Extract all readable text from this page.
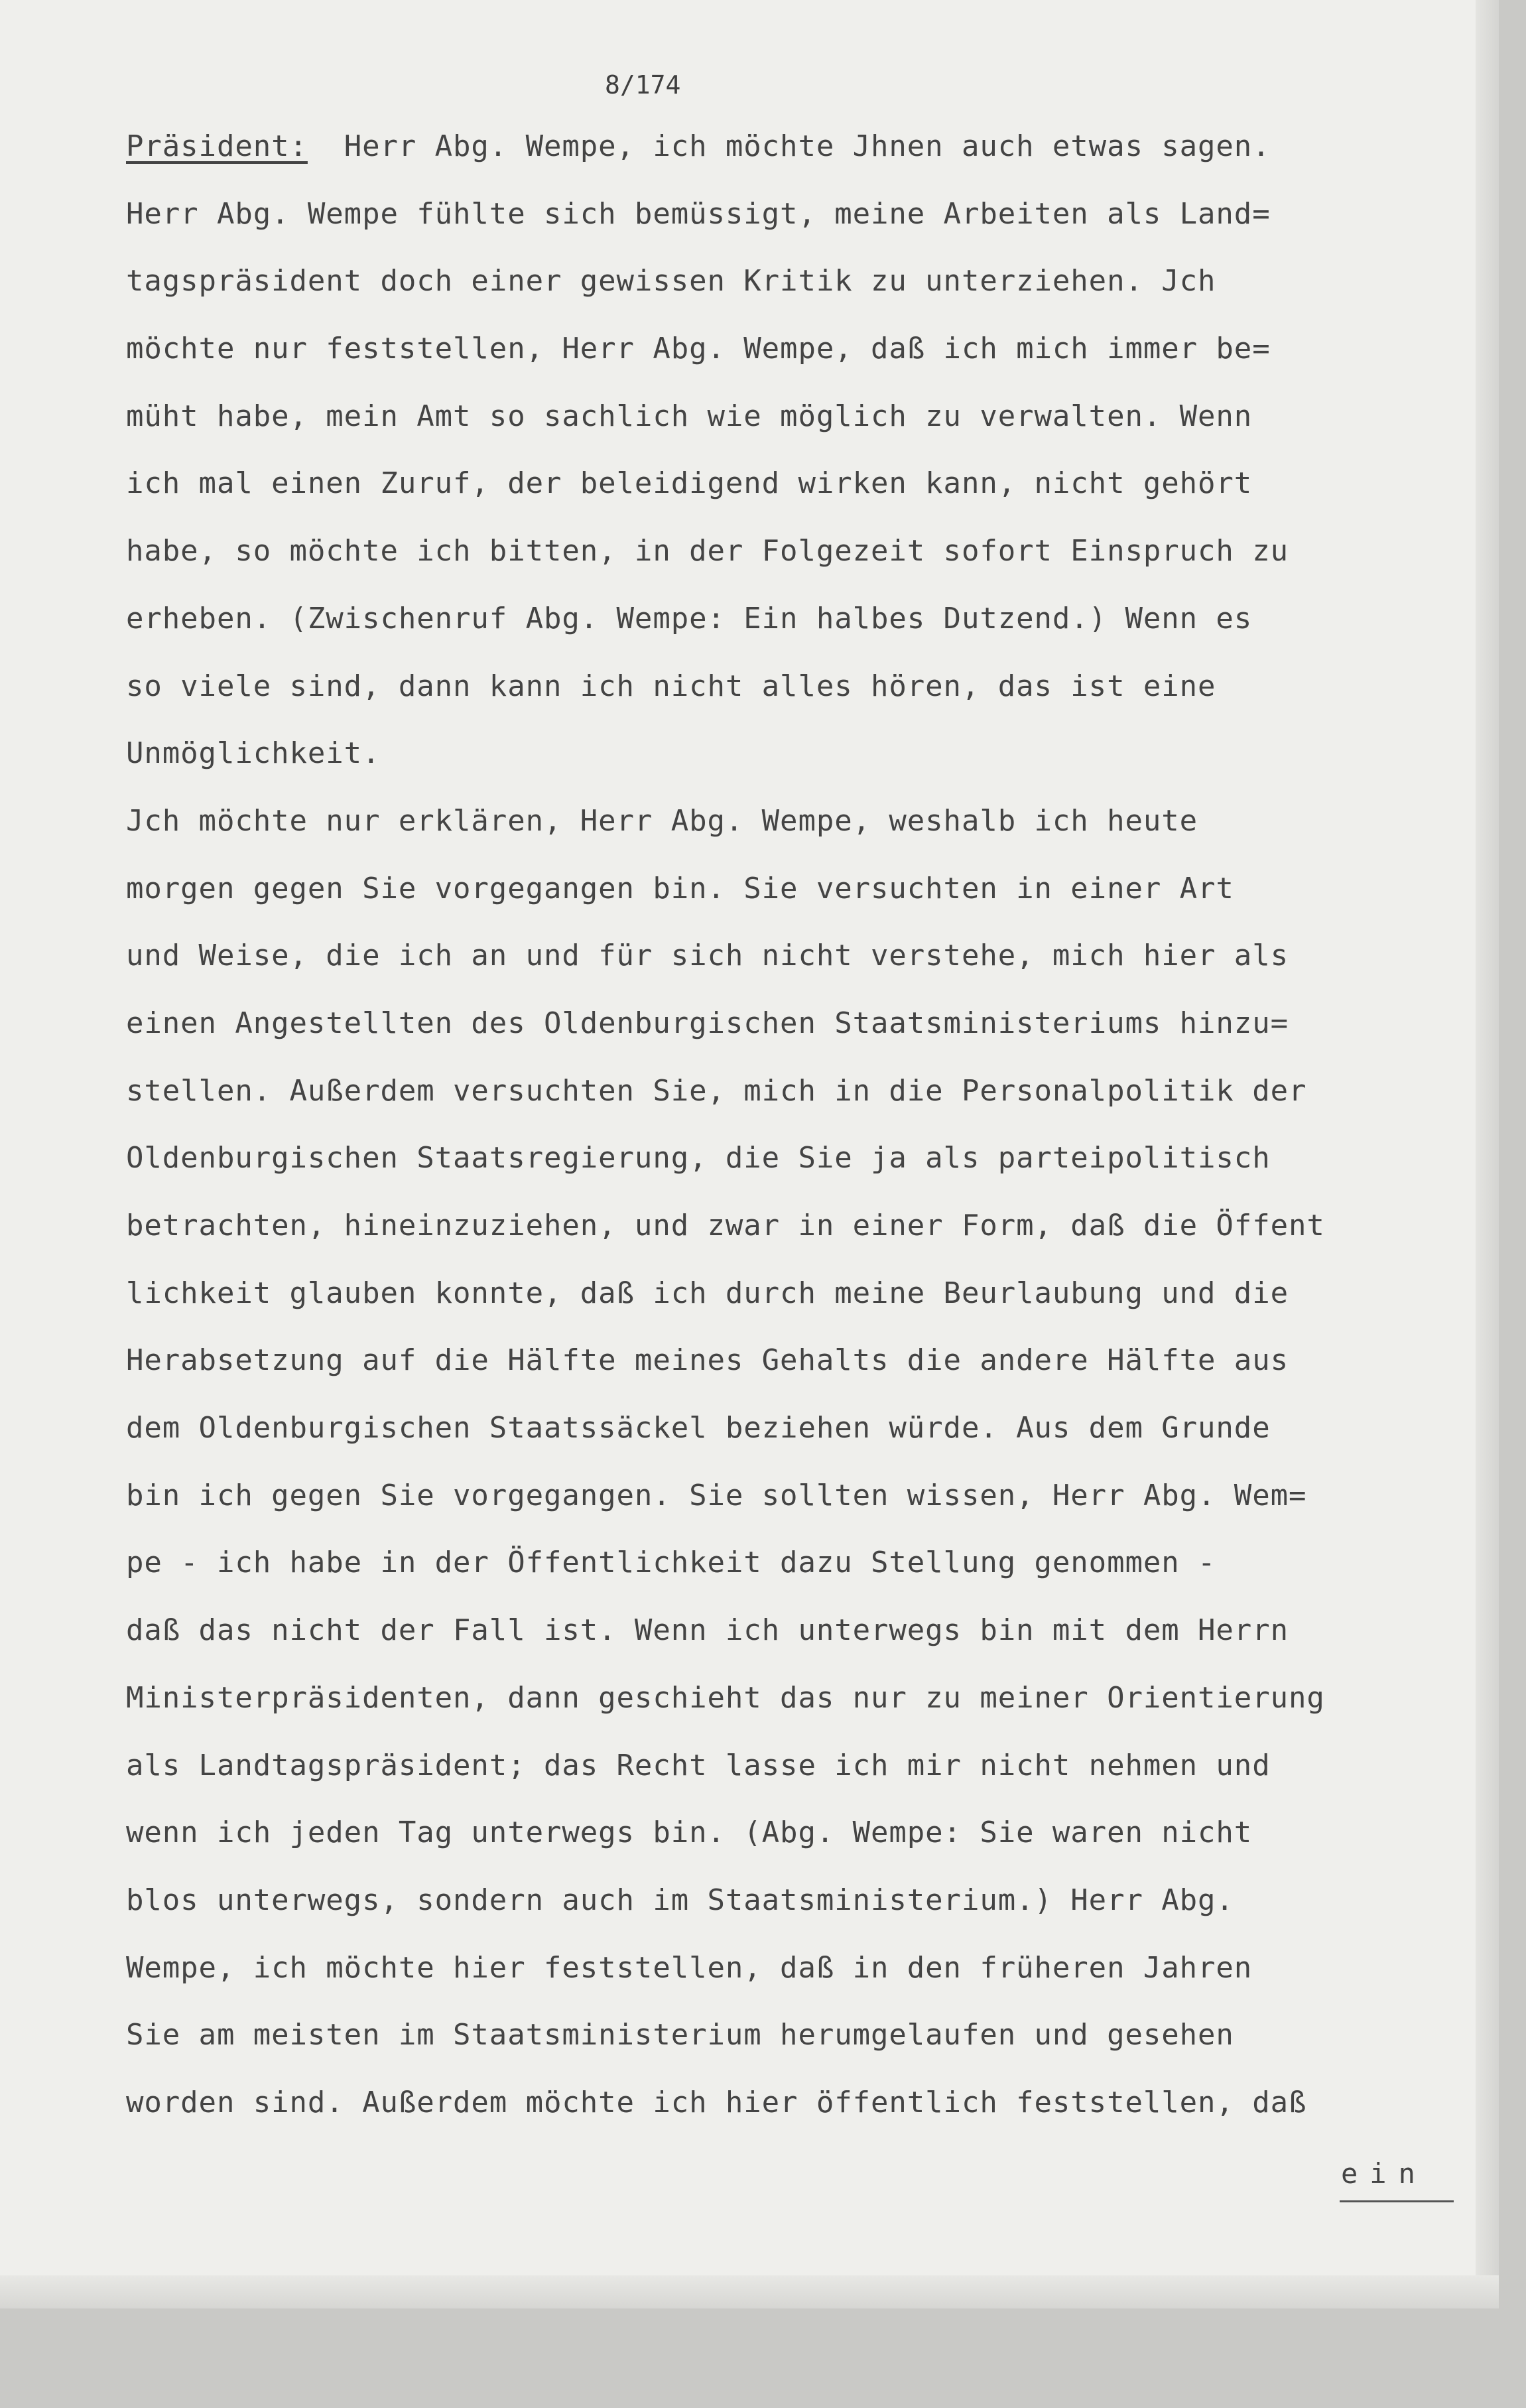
8/174
Präsident: Herr Abg. Wempe, ich möchte Jhnen auch etwas sagen.
Herr Abg. Wempe fühlte sich bemüssigt, meine Arbeiten als Land=
tagspräsident doch einer gewissen Kritik zu unterziehen. Jch
möchte nur feststellen, Herr Abg. Wempe, daß ich mich immer be=
müht habe, mein Amt so sachlich wie möglich zu verwalten. Wenn
ich mal einen Zuruf, der beleidigend wirken kann, nicht gehört
habe, so möchte ich bitten, in der Folgezeit sofort Einspruch zu
erheben. (Zwischenruf Abg. Wempe: Ein halbes Dutzend.) Wenn es
so viele sind, dann kann ich nicht alles hören, das ist eine
Unmöglichkeit.
Jch möchte nur erklären, Herr Abg. Wempe, weshalb ich heute
morgen gegen Sie vorgegangen bin. Sie versuchten in einer Art
und Weise, die ich an und für sich nicht verstehe, mich hier als
einen Angestellten des Oldenburgischen Staatsministeriums hinzu=
stellen. Außerdem versuchten Sie, mich in die Personalpolitik der
Oldenburgischen Staatsregierung, die Sie ja als parteipolitisch
betrachten, hineinzuziehen, und zwar in einer Form, daß die Öffent
lichkeit glauben konnte, daß ich durch meine Beurlaubung und die
Herabsetzung auf die Hälfte meines Gehalts die andere Hälfte aus
dem Oldenburgischen Staatssäckel beziehen würde. Aus dem Grunde
bin ich gegen Sie vorgegangen. Sie sollten wissen, Herr Abg. Wem=
pe - ich habe in der Öffentlichkeit dazu Stellung genommen -
daß das nicht der Fall ist. Wenn ich unterwegs bin mit dem Herrn
Ministerpräsidenten, dann geschieht das nur zu meiner Orientierung
als Landtagspräsident; das Recht lasse ich mir nicht nehmen und
wenn ich jeden Tag unterwegs bin. (Abg. Wempe: Sie waren nicht
blos unterwegs, sondern auch im Staatsministerium.) Herr Abg.
Wempe, ich möchte hier feststellen, daß in den früheren Jahren
Sie am meisten im Staatsministerium herumgelaufen und gesehen
worden sind. Außerdem möchte ich hier öffentlich feststellen, daß
ein
